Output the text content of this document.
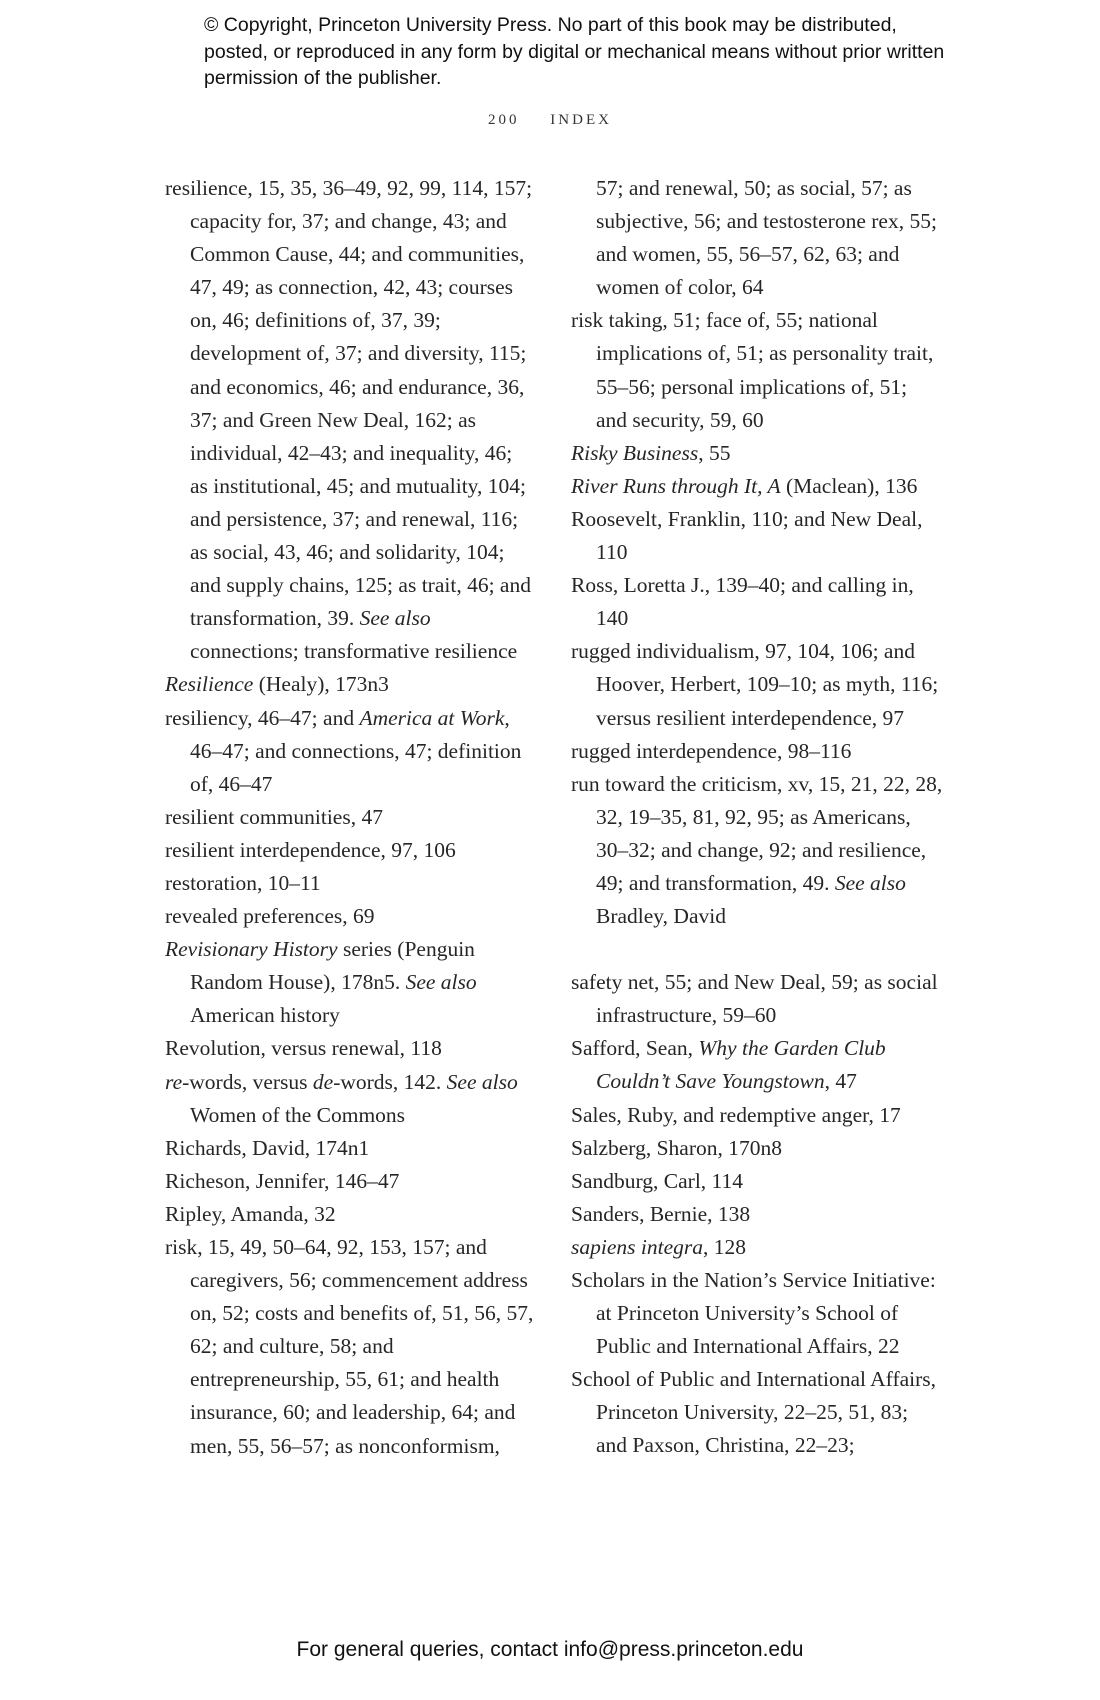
© Copyright, Princeton University Press. No part of this book may be distributed, posted, or reproduced in any form by digital or mechanical means without prior written permission of the publisher.
200 INDEX

resilience, 15, 35, 36–49, 92, 99, 114, 157; capacity for, 37; and change, 43; and Common Cause, 44; and communities, 47, 49; as connection, 42, 43; courses on, 46; definitions of, 37, 39; development of, 37; and diversity, 115; and economics, 46; and endurance, 36, 37; and Green New Deal, 162; as individual, 42–43; and inequality, 46; as institutional, 45; and mutuality, 104; and persistence, 37; and renewal, 116; as social, 43, 46; and solidarity, 104; and supply chains, 125; as trait, 46; and transformation, 39. See also connections; transformative resilience

Resilience (Healy), 173n3

resiliency, 46–47; and America at Work, 46–47; and connections, 47; definition of, 46–47

resilient communities, 47

resilient interdependence, 97, 106

restoration, 10–11

revealed preferences, 69

Revisionary History series (Penguin Random House), 178n5. See also American history

Revolution, versus renewal, 118

re-words, versus de-words, 142. See also Women of the Commons

Richards, David, 174n1

Richeson, Jennifer, 146–47

Ripley, Amanda, 32

risk, 15, 49, 50–64, 92, 153, 157; and caregivers, 56; commencement address on, 52; costs and benefits of, 51, 56, 57, 62; and culture, 58; and entrepreneurship, 55, 61; and health insurance, 60; and leadership, 64; and men, 55, 56–57; as nonconformism,

57; and renewal, 50; as social, 57; as subjective, 56; and testosterone rex, 55; and women, 55, 56–57, 62, 63; and women of color, 64

risk taking, 51; face of, 55; national implications of, 51; as personality trait, 55–56; personal implications of, 51; and security, 59, 60

Risky Business, 55

River Runs through It, A (Maclean), 136

Roosevelt, Franklin, 110; and New Deal, 110

Ross, Loretta J., 139–40; and calling in, 140

rugged individualism, 97, 104, 106; and Hoover, Herbert, 109–10; as myth, 116; versus resilient interdependence, 97

rugged interdependence, 98–116

run toward the criticism, xv, 15, 21, 22, 28, 32, 19–35, 81, 92, 95; as Americans, 30–32; and change, 92; and resilience, 49; and transformation, 49. See also Bradley, David

safety net, 55; and New Deal, 59; as social infrastructure, 59–60

Safford, Sean, Why the Garden Club Couldn’t Save Youngstown, 47

Sales, Ruby, and redemptive anger, 17

Salzberg, Sharon, 170n8

Sandburg, Carl, 114

Sanders, Bernie, 138

sapiens integra, 128

Scholars in the Nation’s Service Initiative: at Princeton University’s School of Public and International Affairs, 22

School of Public and International Affairs, Princeton University, 22–25, 51, 83; and Paxson, Christina, 22–23;

For general queries, contact info@press.princeton.edu
